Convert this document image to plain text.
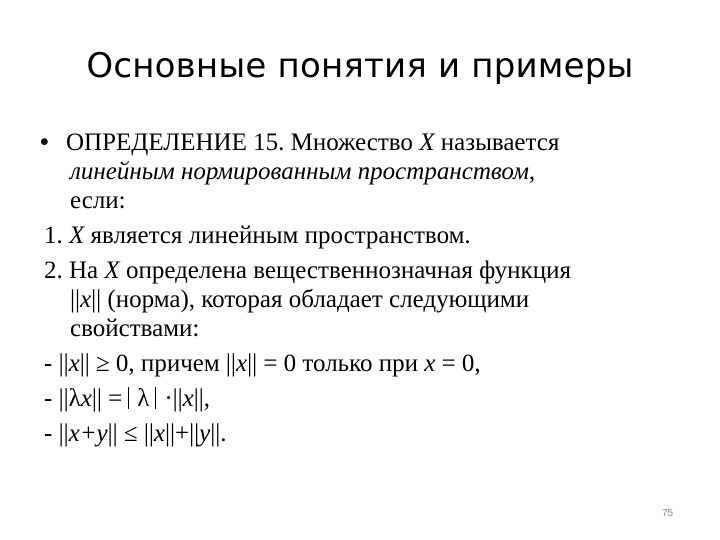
Основные понятия и примеры
• ОПРЕДЕЛЕНИЕ 15. Множество X называется
линейным нормированным пространством,
если:
1. X является линейным пространством.
2. На X определена вещественнозначная функция
||x|| (норма), которая обладает следующими
свойствами:
- ||x|| ≥ 0, причем ||x|| = 0 только при x = 0,
- ||λx|| = λ ·||x||,
- ||x+y|| ≤ ||x||+||y||.
75
